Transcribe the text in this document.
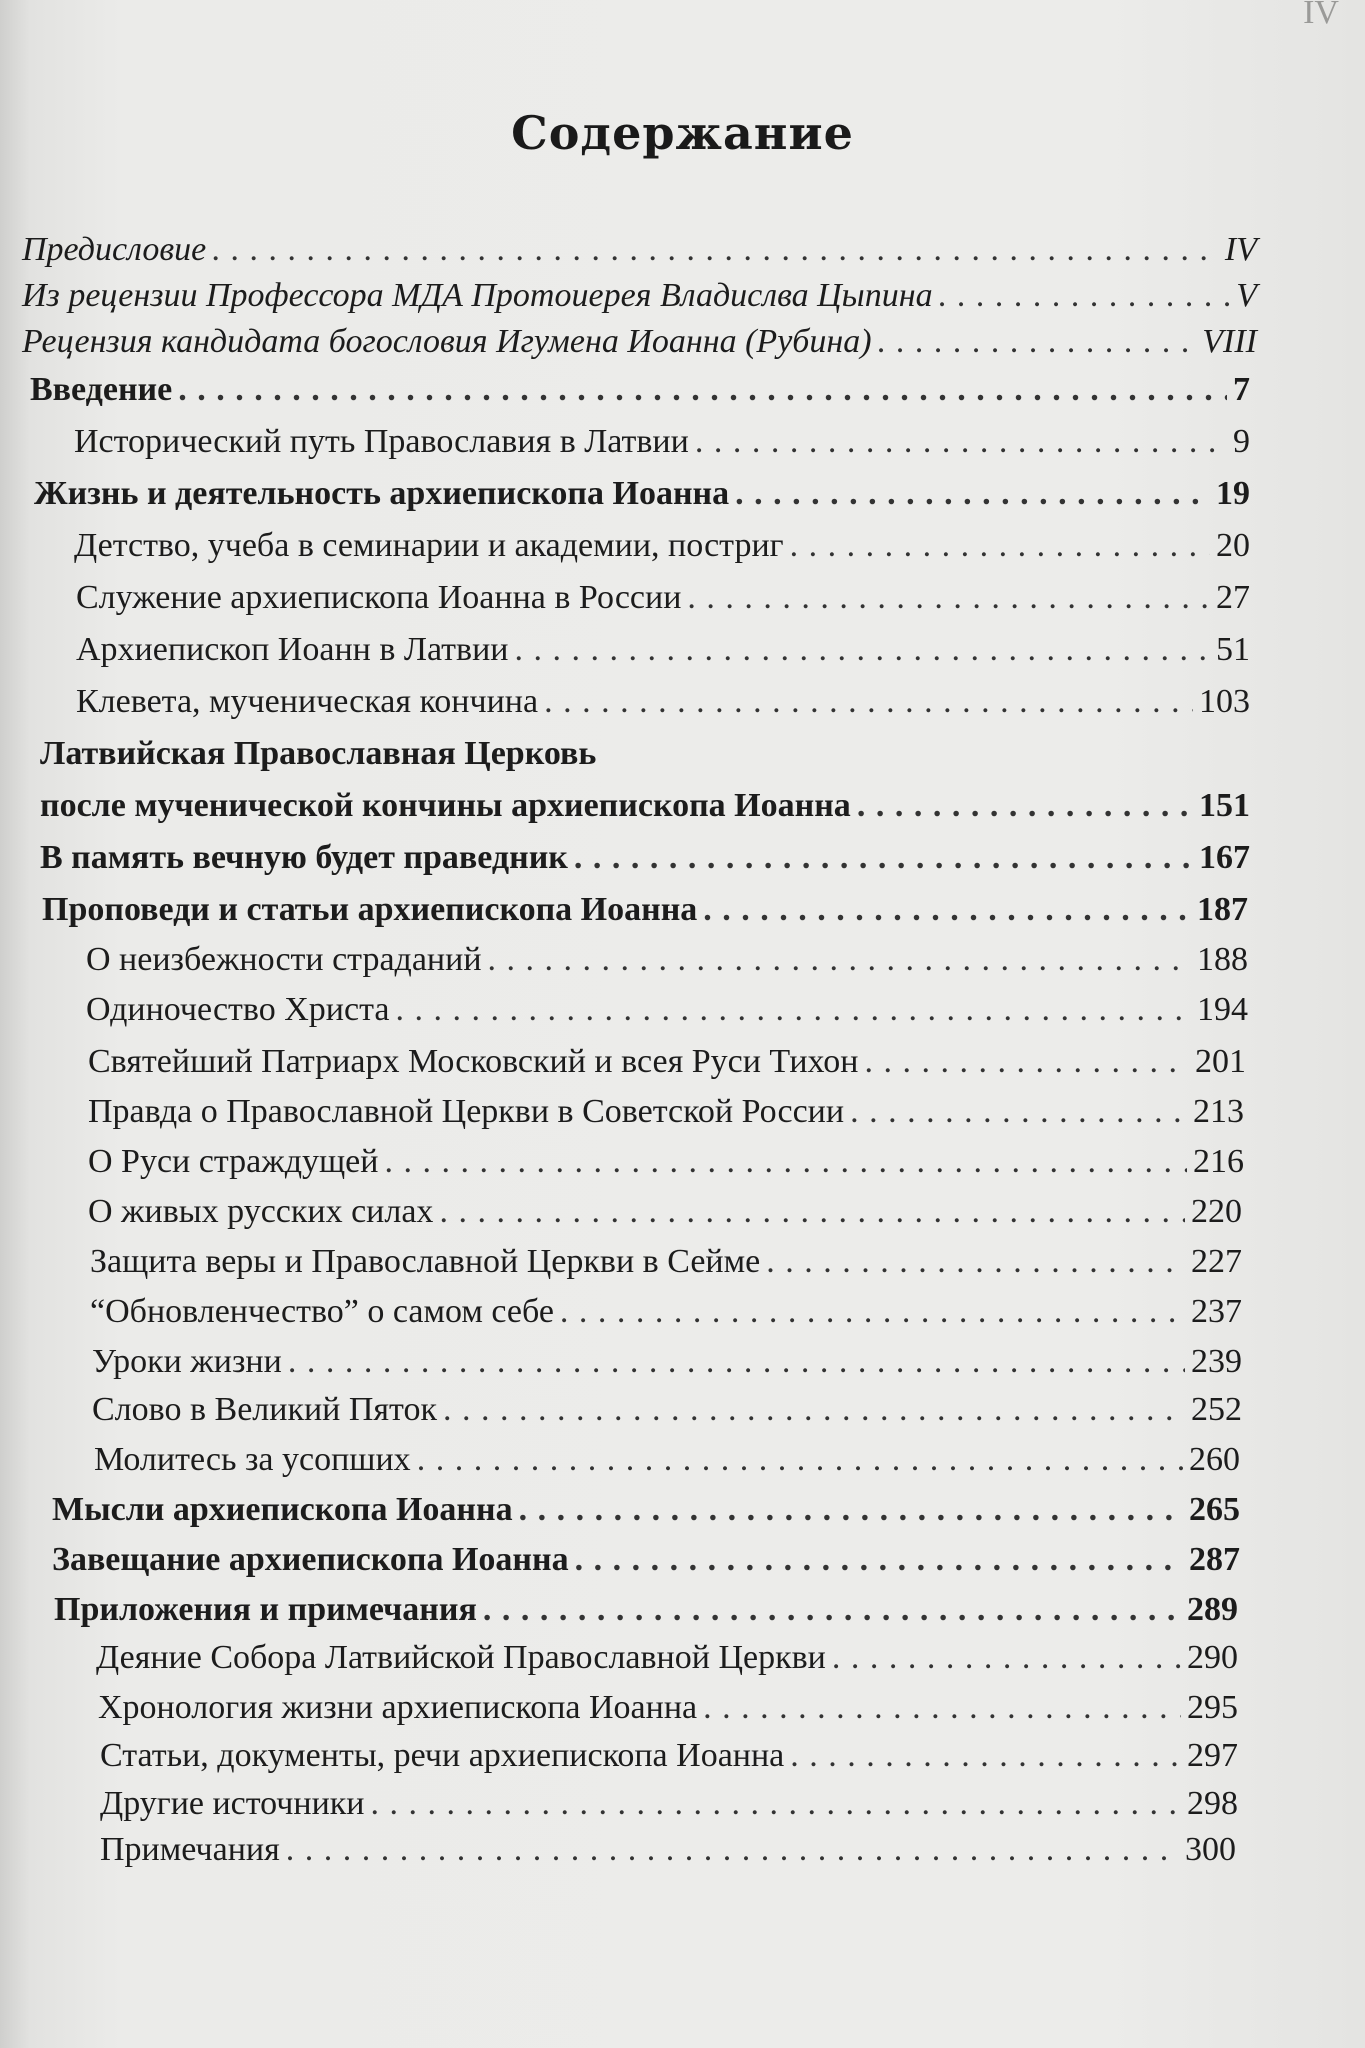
IV
Содержание
Предисловие . . .	IV
Из рецензии Профессора МДА Протоиерея Владислва Цыпина . . .	V
Рецензия кандидата богословия Игумена Иоанна (Рубина) . . .	VIII
Введение . . .	7
Исторический путь Православия в Латвии . . .	9
Жизнь и деятельность архиепископа Иоанна . . .	19
Детство, учеба в семинарии и академии, постриг . . .	20
Служение архиепископа Иоанна в России . . .	27
Архиепископ Иоанн в Латвии . . .	51
Клевета, мученическая кончина . . .	103
Латвийская Православная Церковь
после мученической кончины архиепископа Иоанна . . .	151
В память вечную будет праведник . . .	167
Проповеди и статьи архиепископа Иоанна . . .	187
О неизбежности страданий . . .	188
Одиночество Христа . . .	194
Святейший Патриарх Московский и всея Руси Тихон . . .	201
Правда о Православной Церкви в Советской России . . .	213
О Руси страждущей . . .	216
О живых русских силах . . .	220
Защита веры и Православной Церкви в Сейме . . .	227
“Обновленчество” о самом себе . . .	237
Уроки жизни . . .	239
Слово в Великий Пяток . . .	252
Молитесь за усопших . . .	260
Мысли архиепископа Иоанна . . .	265
Завещание архиепископа Иоанна . . .	287
Приложения и примечания . . .	289
Деяние Собора Латвийской Православной Церкви . . .	290
Хронология жизни архиепископа Иоанна . . .	295
Статьи, документы, речи архиепископа Иоанна . . .	297
Другие источники . . .	298
Примечания . . .	300
